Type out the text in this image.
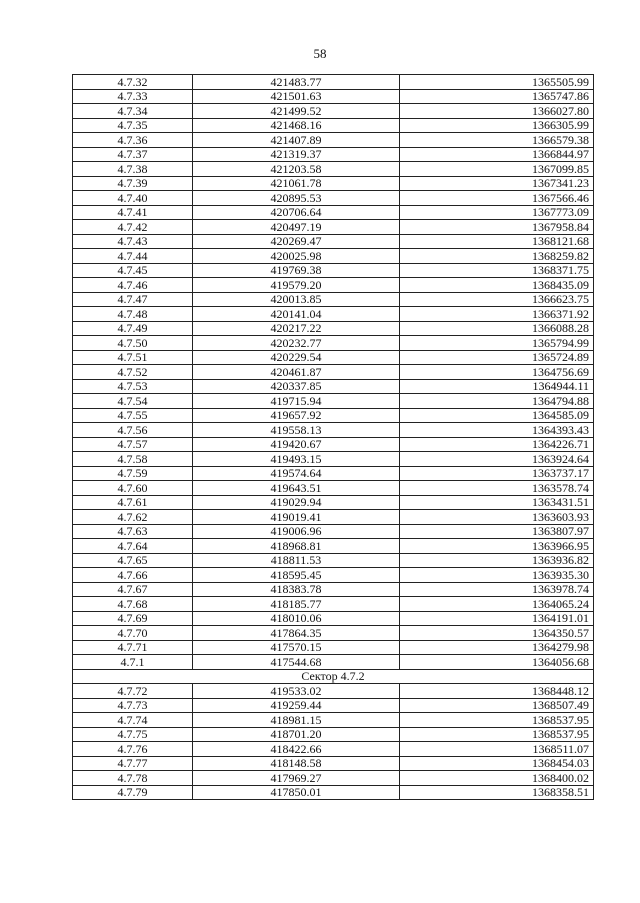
58
4.7.32	421483.77	1365505.99
4.7.33	421501.63	1365747.86
4.7.34	421499.52	1366027.80
4.7.35	421468.16	1366305.99
4.7.36	421407.89	1366579.38
4.7.37	421319.37	1366844.97
4.7.38	421203.58	1367099.85
4.7.39	421061.78	1367341.23
4.7.40	420895.53	1367566.46
4.7.41	420706.64	1367773.09
4.7.42	420497.19	1367958.84
4.7.43	420269.47	1368121.68
4.7.44	420025.98	1368259.82
4.7.45	419769.38	1368371.75
4.7.46	419579.20	1368435.09
4.7.47	420013.85	1366623.75
4.7.48	420141.04	1366371.92
4.7.49	420217.22	1366088.28
4.7.50	420232.77	1365794.99
4.7.51	420229.54	1365724.89
4.7.52	420461.87	1364756.69
4.7.53	420337.85	1364944.11
4.7.54	419715.94	1364794.88
4.7.55	419657.92	1364585.09
4.7.56	419558.13	1364393.43
4.7.57	419420.67	1364226.71
4.7.58	419493.15	1363924.64
4.7.59	419574.64	1363737.17
4.7.60	419643.51	1363578.74
4.7.61	419029.94	1363431.51
4.7.62	419019.41	1363603.93
4.7.63	419006.96	1363807.97
4.7.64	418968.81	1363966.95
4.7.65	418811.53	1363936.82
4.7.66	418595.45	1363935.30
4.7.67	418383.78	1363978.74
4.7.68	418185.77	1364065.24
4.7.69	418010.06	1364191.01
4.7.70	417864.35	1364350.57
4.7.71	417570.15	1364279.98
4.7.1	417544.68	1364056.68
Сектор 4.7.2		
4.7.72	419533.02	1368448.12
4.7.73	419259.44	1368507.49
4.7.74	418981.15	1368537.95
4.7.75	418701.20	1368537.95
4.7.76	418422.66	1368511.07
4.7.77	418148.58	1368454.03
4.7.78	417969.27	1368400.02
4.7.79	417850.01	1368358.51
